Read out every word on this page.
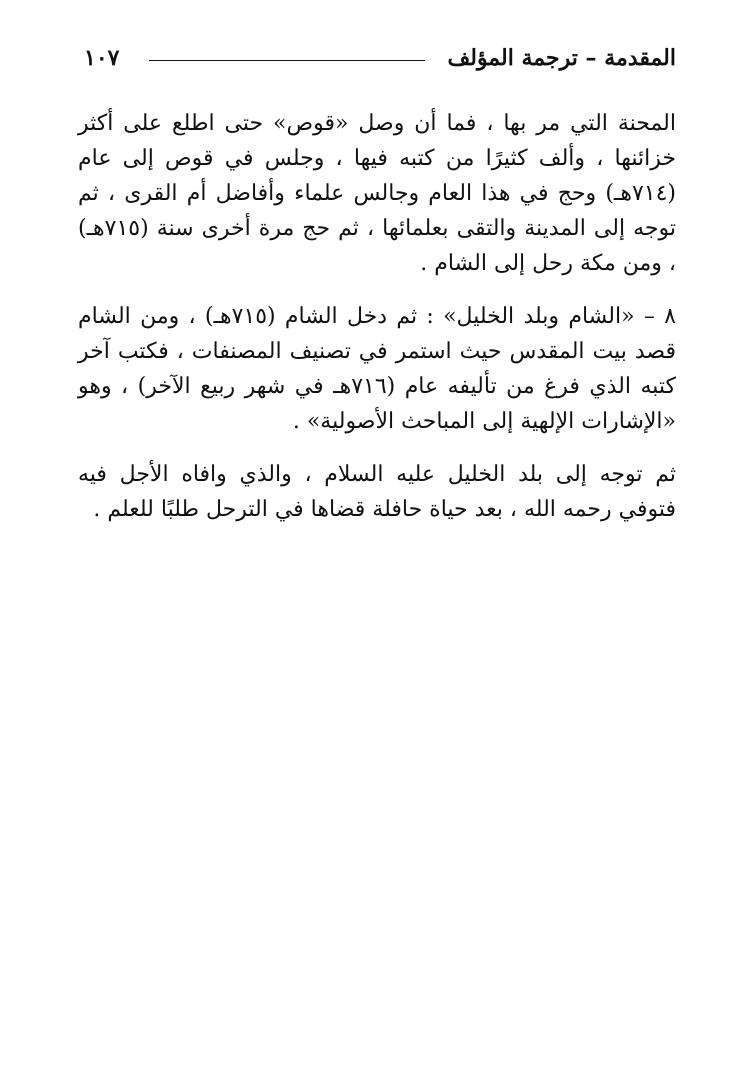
المقدمة – ترجمة المؤلف
١٠٧

المحنة التي مر بها ، فما أن وصل «قوص» حتى اطلع على أكثر خزائنها ، وألف كثيرًا من كتبه فيها ، وجلس في قوص إلى عام (٧١٤هـ) وحج في هذا العام وجالس علماء وأفاضل أم القرى ، ثم توجه إلى المدينة والتقى بعلمائها ، ثم حج مرة أخرى سنة (٧١٥هـ) ، ومن مكة رحل إلى الشام .

٨ – «الشام وبلد الخليل» : ثم دخل الشام (٧١٥هـ) ، ومن الشام قصد بيت المقدس حيث استمر في تصنيف المصنفات ، فكتب آخر كتبه الذي فرغ من تأليفه عام (٧١٦هـ في شهر ربيع الآخر) ، وهو «الإشارات الإلهية إلى المباحث الأصولية» .

ثم توجه إلى بلد الخليل عليه السلام ، والذي وافاه الأجل فيه فتوفي رحمه الله ، بعد حياة حافلة قضاها في الترحل طلبًا للعلم .
